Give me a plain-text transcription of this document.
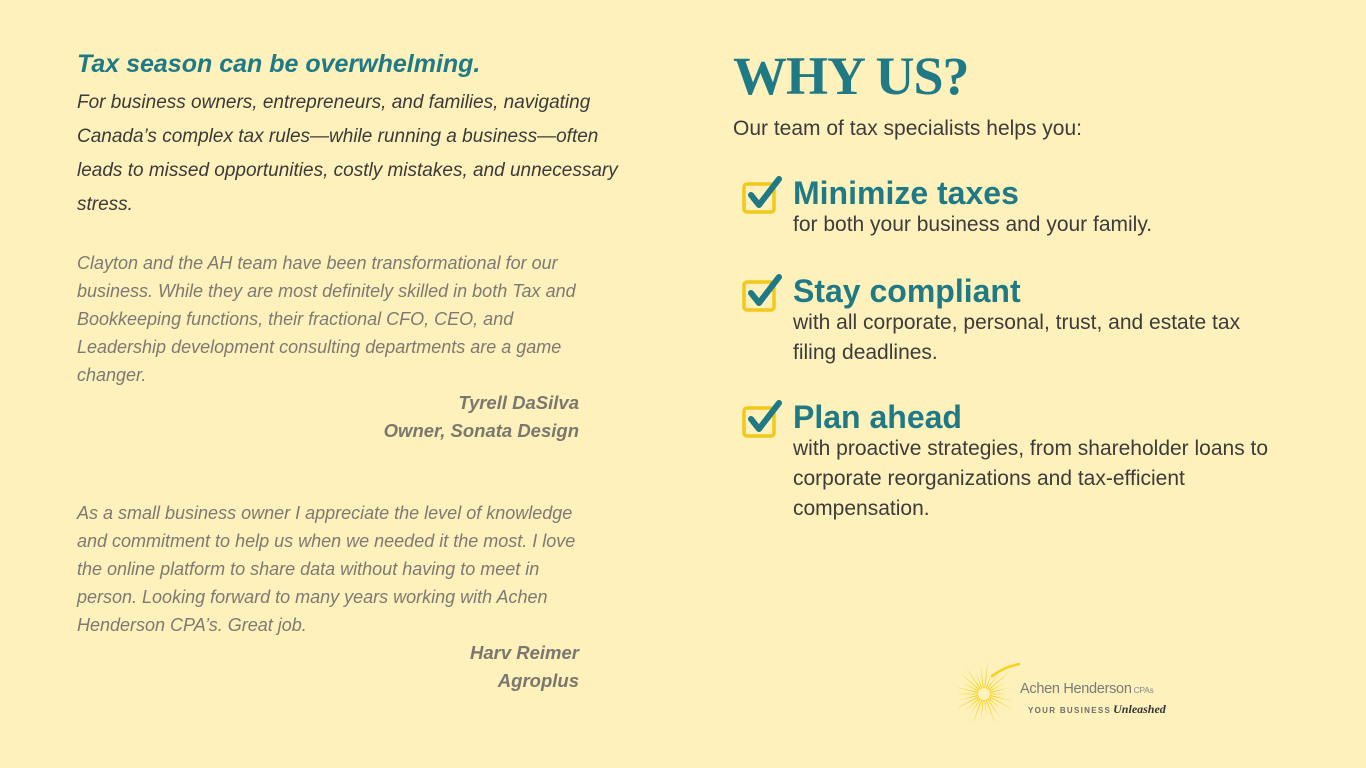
Tax season can be overwhelming.

For business owners, entrepreneurs, and families, navigating Canada’s complex tax rules—while running a business—often leads to missed opportunities, costly mistakes, and unnecessary stress.

Clayton and the AH team have been transformational for our business. While they are most definitely skilled in both Tax and Bookkeeping functions, their fractional CFO, CEO, and Leadership development consulting departments are a game changer.

Tyrell DaSilva
Owner, Sonata Design

As a small business owner I appreciate the level of knowledge and commitment to help us when we needed it the most. I love the online platform to share data without having to meet in person. Looking forward to many years working with Achen Henderson CPA’s. Great job.

Harv Reimer
Agroplus
WHY US?

Our team of tax specialists helps you:

Minimize taxes
for both your business and your family.
Stay compliant
with all corporate, personal, trust, and estate tax filing deadlines.
Plan ahead
with proactive strategies, from shareholder loans to corporate reorganizations and tax-efficient compensation.
Achen Henderson CPAs
YOUR BUSINESS Unleashed
